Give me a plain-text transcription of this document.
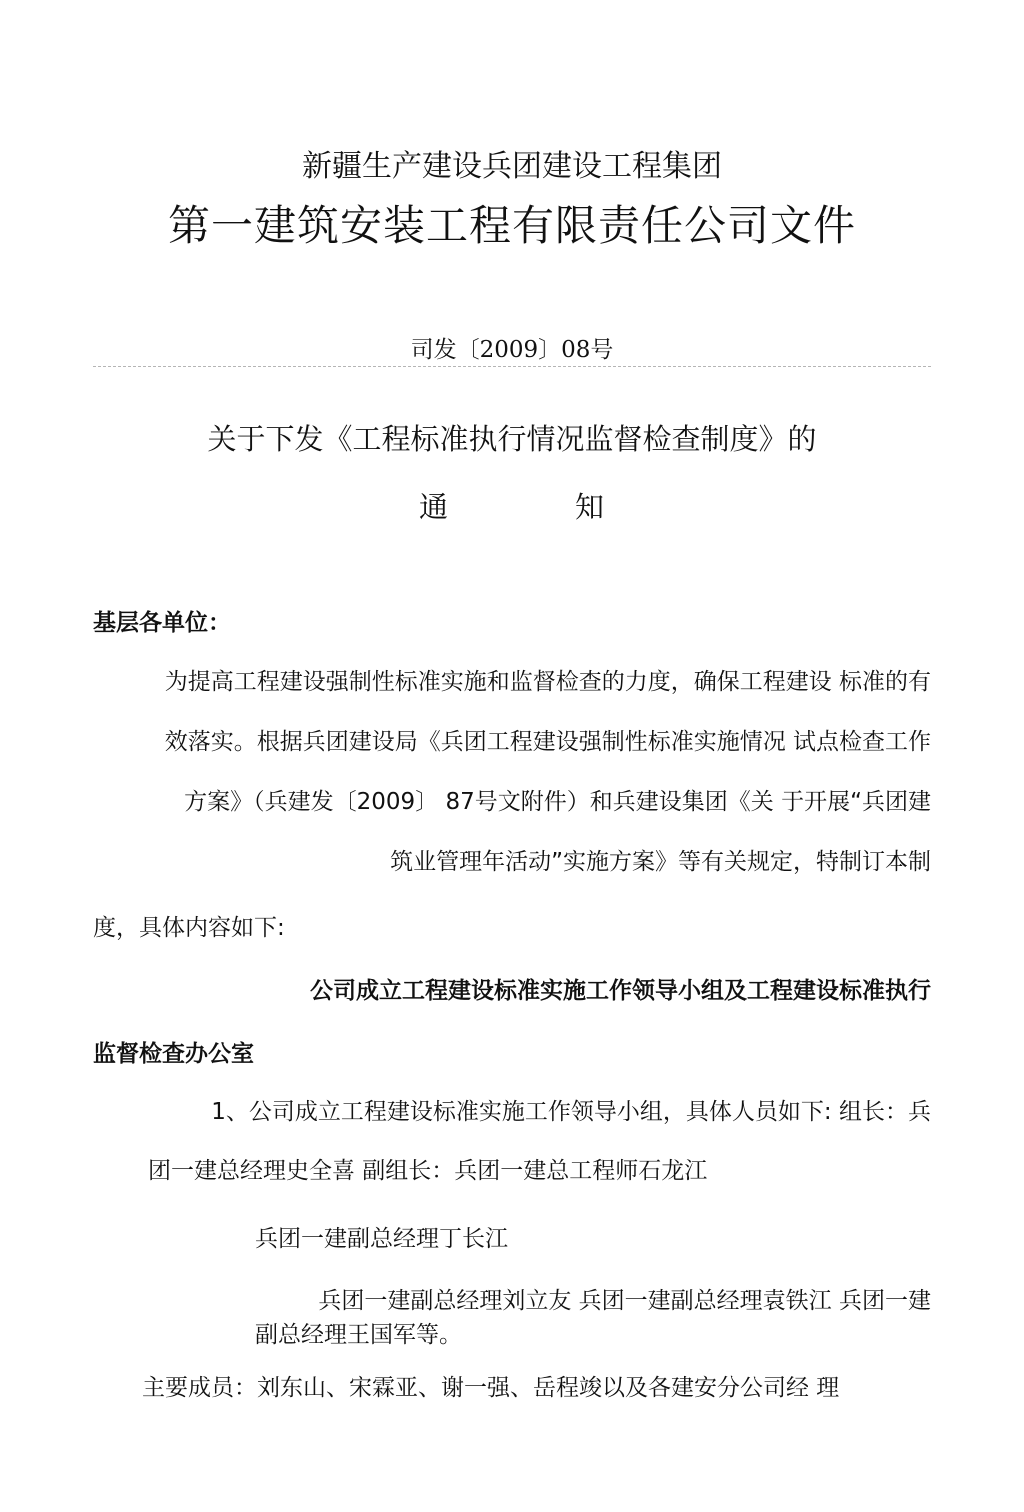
新疆生产建设兵团建设工程集团
第一建筑安装工程有限责任公司文件
司发〔2009〕08号
关于下发《工程标准执行情况监督检查制度》的
通	知
基层各单位：
为提高工程建设强制性标准实施和监督检查的力度，确保工程建设 标准的有
效落实。根据兵团建设局《兵团工程建设强制性标准实施情况 试点检查工作
方案》（兵建发〔2009〕 87号文附件）和兵建设集团《关 于开展“兵团建
筑业管理年活动”实施方案》等有关规定，特制订本制
度，具体内容如下:
公司成立工程建设标准实施工作领导小组及工程建设标准执行
监督检查办公室
1、公司成立工程建设标准实施工作领导小组，具体人员如下: 组长：兵
团一建总经理史全喜 副组长：兵团一建总工程师石龙江
兵团一建副总经理丁长江
兵团一建副总经理刘立友 兵团一建副总经理袁铁江 兵团一建
副总经理王国军等。
主要成员：刘东山、宋霖亚、谢一强、岳程竣以及各建安分公司经 理
